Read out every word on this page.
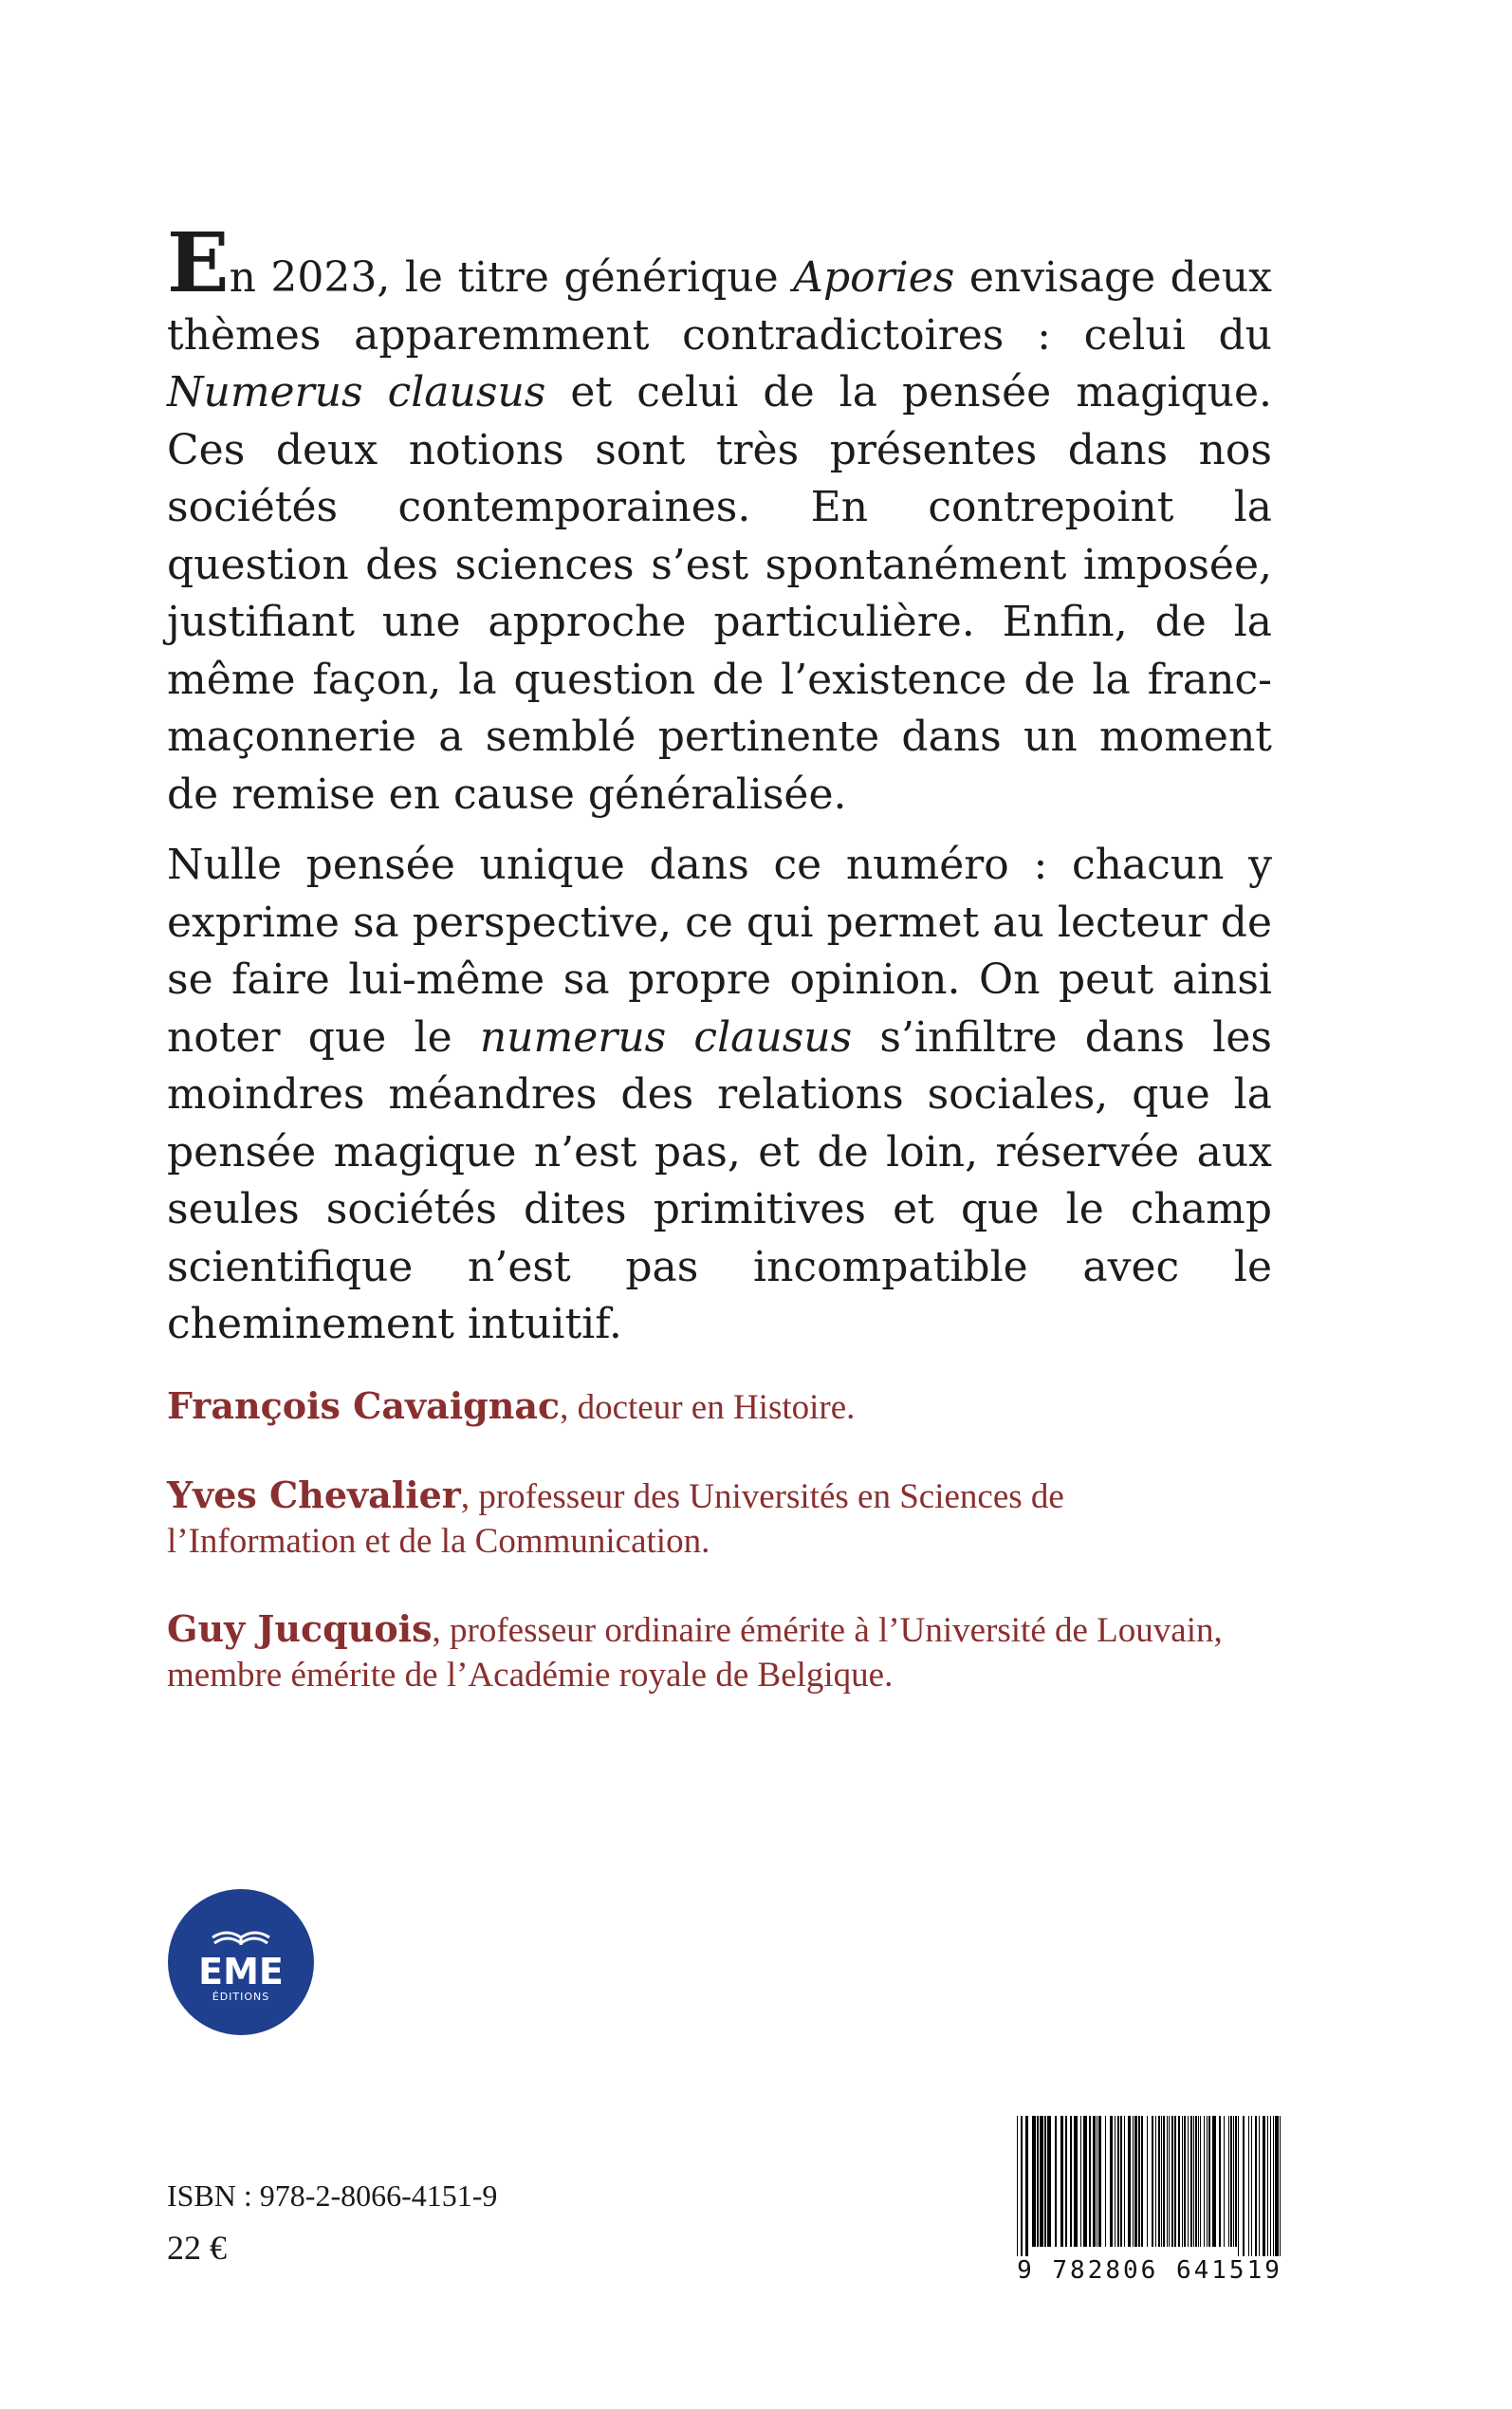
En 2023, le titre générique Apories envisage deux thèmes apparemment contradictoires : celui du Numerus clausus et celui de la pensée magique. Ces deux notions sont très présentes dans nos sociétés contemporaines. En contrepoint la question des sciences s’est spontanément imposée, justifiant une approche particulière. Enfin, de la même façon, la question de l’existence de la franc-maçonnerie a semblé pertinente dans un moment de remise en cause généralisée.

Nulle pensée unique dans ce numéro : chacun y exprime sa perspective, ce qui permet au lecteur de se faire lui-même sa propre opinion. On peut ainsi noter que le numerus clausus s’infiltre dans les moindres méandres des relations sociales, que la pensée magique n’est pas, et de loin, réservée aux seules sociétés dites primitives et que le champ scientifique n’est pas incompatible avec le cheminement intuitif.

François Cavaignac, docteur en Histoire.
Yves Chevalier, professeur des Universités en Sciences de l’Information et de la Communication.
Guy Jucquois, professeur ordinaire émérite à l’Université de Louvain, membre émérite de l’Académie royale de Belgique.
EME
ÉDITIONS
ISBN : 978-2-8066-4151-9
22 €
9 782806 641519
